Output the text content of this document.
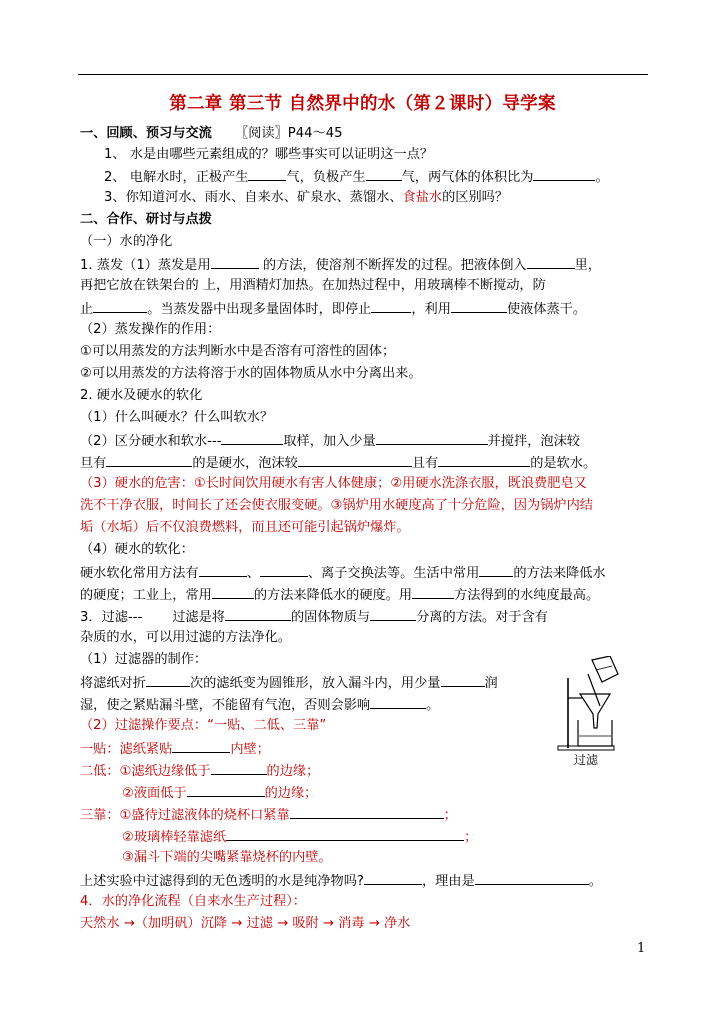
第二章 第三节 自然界中的水（第２课时）导学案
一、回顾、预习与交流 〖阅读〗P44～45
1、 水是由哪些元素组成的？哪些事实可以证明这一点？
2、 电解水时，正极产生	气，负极产生	气，两气体的体积比为	。
3、你知道河水、雨水、自来水、矿泉水、蒸馏水、食盐水的区别吗？
二、合作、研讨与点拨
（一）水的净化
1. 蒸发（1）蒸发是用	的方法，使溶剂不断挥发的过程。把液体倒入	里，
再把它放在铁架台的 上，用酒精灯加热。在加热过程中，用玻璃棒不断搅动，防
止	。当蒸发器中出现多量固体时，即停止	，利用	使液体蒸干。
（2）蒸发操作的作用：
①可以用蒸发的方法判断水中是否溶有可溶性的固体；
②可以用蒸发的方法将溶于水的固体物质从水中分离出来。
2. 硬水及硬水的软化
（1）什么叫硬水？什么叫软水？
（2）区分硬水和软水---	取样，加入少量	并搅拌，泡沫较
旦有	的是硬水，泡沫较	且有	的是软水。
（3）硬水的危害：①长时间饮用硬水有害人体健康；②用硬水洗涤衣服，既浪费肥皂又
洗不干净衣服，时间长了还会使衣服变硬。③锅炉用水硬度高了十分危险，因为锅炉内结
垢（水垢）后不仅浪费燃料，而且还可能引起锅炉爆炸。
（4）硬水的软化：
硬水软化常用方法有	、	、离子交换法等。生活中常用	的方法来降低水
的硬度；工业上，常用	的方法来降低水的硬度。用	方法得到的水纯度最高。
3．过滤--- 过滤是将	的固体物质与	分离的方法。对于含有
杂质的水，可以用过滤的方法净化。
（1）过滤器的制作：
将滤纸对折	次的滤纸变为圆锥形，放入漏斗内，用少量	润
湿，使之紧贴漏斗壁，不能留有气泡，否则会影响	。
（2）过滤操作要点：“一贴、二低、三靠”
一贴：滤纸紧贴	内壁；
二低：①滤纸边缘低于	的边缘；
②液面低于	的边缘；
三靠：①盛待过滤液体的烧杯口紧靠	；
②玻璃棒轻靠滤纸	；
③漏斗下端的尖嘴紧靠烧杯的内壁。
上述实验中过滤得到的无色透明的水是纯净物吗?	，理由是	。
4．水的净化流程（自来水生产过程）：
天然水 →（加明矾）沉降 → 过滤 → 吸附 → 消毒 → 净水
过滤
1
